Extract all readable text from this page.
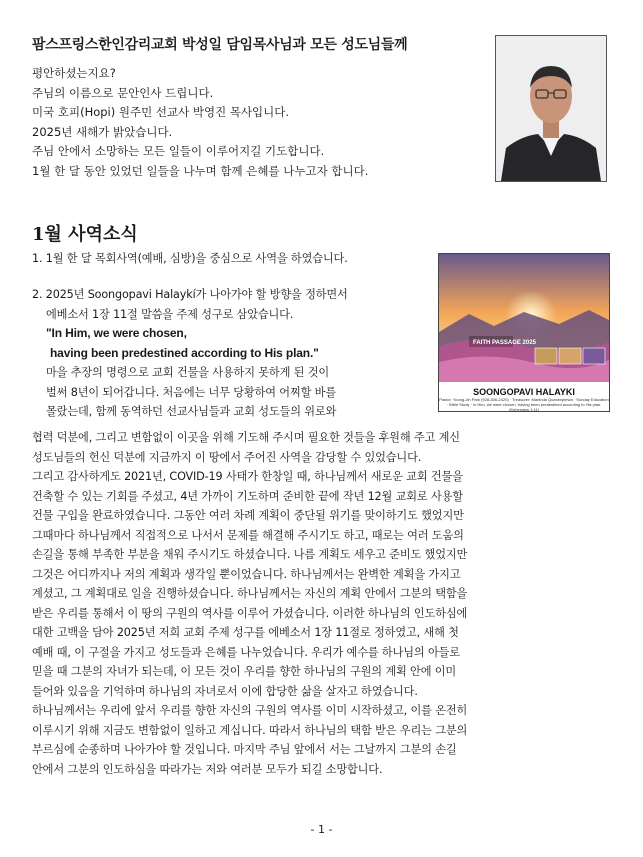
팜스프링스한인감리교회 박성일 담임목사님과 모든 성도님들께
평안하셨는지요?
주님의 이름으로 문안인사 드립니다.
미국 호피(Hopi) 원주민 선교사 박영진 목사입니다.
2025년 새해가 밝았습니다.
주님 안에서 소망하는 모든 일들이 이루어지길 기도합니다.
1월 한 달 동안 있었던 일들을 나누며 함께 은혜를 나누고자 합니다.
1월 사역소식
1. 1월 한 달 목회사역(예배, 심방)을 중심으로 사역을 하였습니다.
2. 2025년 Soongopavi Halaykí가 나아가야 할 방향을 정하면서
에베소서 1장 11절 말씀을 주제 성구로 삼았습니다.
"In Him, we were chosen,
having been predestined according to His plan."
마을 추장의 명령으로 교회 건물을 사용하지 못하게 된 것이
벌써 8년이 되어갑니다. 처음에는 너무 당황하여 어찌할 바를
몰랐는데, 함께 동역하던 선교사님들과 교회 성도들의 위로와
FAITH PASSAGE 2025
SOONGOPAVI HALAYKI
Pastor: Young-Jin Park (928-306-2420) · Treasurer: Marlinda Quanimptewa · Sunday Education · Bible Study · In Him, we were chosen, having been predestined according to His plan. (Ephesians 1:11)
협력 덕분에, 그리고 변함없이 이곳을 위해 기도해 주시며 필요한 것들을 후원해 주고 계신
성도님들의 헌신 덕분에 지금까지 이 땅에서 주어진 사역을 감당할 수 있었습니다.
그리고 감사하게도 2021년, COVID-19 사태가 한창일 때, 하나님께서 새로운 교회 건물을
건축할 수 있는 기회를 주셨고, 4년 가까이 기도하며 준비한 끝에 작년 12월 교회로 사용할
건물 구입을 완료하였습니다. 그동안 여러 차례 계획이 중단될 위기를 맞이하기도 했었지만
그때마다 하나님께서 직접적으로 나서서 문제를 해결해 주시기도 하고, 때로는 여러 도움의
손길을 통해 부족한 부분을 채워 주시기도 하셨습니다. 나름 계획도 세우고 준비도 했었지만
그것은 어디까지나 저의 계획과 생각일 뿐이었습니다. 하나님께서는 완벽한 계획을 가지고
계셨고, 그 계획대로 일을 진행하셨습니다. 하나님께서는 자신의 계획 안에서 그분의 택함을
받은 우리를 통해서 이 땅의 구원의 역사를 이루어 가셨습니다. 이러한 하나님의 인도하심에
대한 고백을 담아 2025년 저희 교회 주제 성구를 에베소서 1장 11절로 정하였고, 새해 첫
예배 때, 이 구절을 가지고 성도들과 은혜를 나누었습니다. 우리가 예수를 하나님의 아들로
믿을 때 그분의 자녀가 되는데, 이 모든 것이 우리를 향한 하나님의 구원의 계획 안에 이미
들어와 있음을 기억하며 하나님의 자녀로서 이에 합당한 삶을 살자고 하였습니다.
하나님께서는 우리에 앞서 우리를 향한 자신의 구원의 역사를 이미 시작하셨고, 이를 온전히
이루시기 위해 지금도 변함없이 일하고 계십니다. 따라서 하나님의 택함 받은 우리는 그분의
부르심에 순종하며 나아가야 할 것입니다. 마지막 주님 앞에서 서는 그날까지 그분의 손길
안에서 그분의 인도하심을 따라가는 저와 여러분 모두가 되길 소망합니다.
- 1 -
